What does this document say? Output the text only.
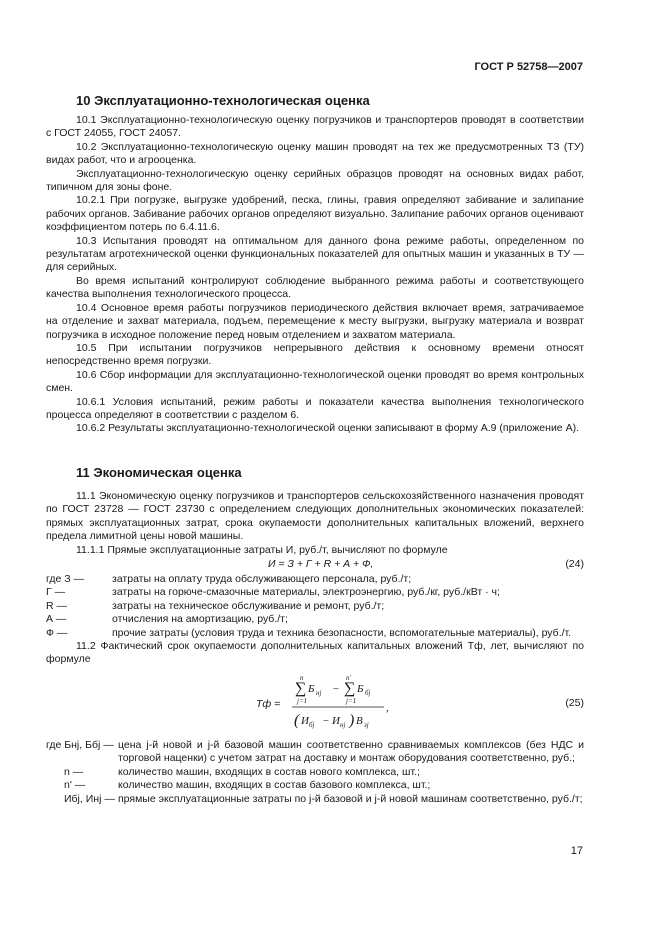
ГОСТ Р 52758—2007
10 Эксплуатационно-технологическая оценка

10.1 Эксплуатационно-технологическую оценку погрузчиков и транспортеров проводят в соответствии с ГОСТ 24055, ГОСТ 24057.

10.2 Эксплуатационно-технологическую оценку машин проводят на тех же предусмотренных ТЗ (ТУ) видах работ, что и агрооценка.

Эксплуатационно-технологическую оценку серийных образцов проводят на основных видах работ, типичном для зоны фоне.

10.2.1 При погрузке, выгрузке удобрений, песка, глины, гравия определяют забивание и залипание рабочих органов. Забивание рабочих органов определяют визуально. Залипание рабочих органов оценивают коэффициентом потерь по 6.4.11.6.

10.3 Испытания проводят на оптимальном для данного фона режиме работы, определенном по результатам агротехнической оценки функциональных показателей для опытных машин и указанных в ТУ — для серийных.

Во время испытаний контролируют соблюдение выбранного режима работы и соответствующего качества выполнения технологического процесса.

10.4 Основное время работы погрузчиков периодического действия включает время, затрачиваемое на отделение и захват материала, подъем, перемещение к месту выгрузки, выгрузку материала и возврат погрузчика в исходное положение перед новым отделением и захватом материала.

10.5 При испытании погрузчиков непрерывного действия к основному времени относят непосредственно время погрузки.

10.6 Сбор информации для эксплуатационно-технологической оценки проводят во время контрольных смен.

10.6.1 Условия испытаний, режим работы и показатели качества выполнения технологического процесса определяют в соответствии с разделом 6.

10.6.2 Результаты эксплуатационно-технологической оценки записывают в форму А.9 (приложение А).

11 Экономическая оценка

11.1 Экономическую оценку погрузчиков и транспортеров сельскохозяйственного назначения проводят по ГОСТ 23728 — ГОСТ 23730 с определением следующих дополнительных экономических показателей: прямых эксплуатационных затрат, срока окупаемости дополнительных капитальных вложений, верхнего предела лимитной цены новой машины.

11.1.1 Прямые эксплуатационные затраты И, руб./т, вычисляют по формуле

И = З + Г + R + А + Ф,	(24)

где З —	затраты на оплату труда обслуживающего персонала, руб./т;

Г —	затраты на горюче-смазочные материалы, электроэнергию, руб./кг, руб./кВт · ч;

R —	затраты на техническое обслуживание и ремонт, руб./т;

А —	отчисления на амортизацию, руб./т;

Ф —	прочие затраты (условия труда и техника безопасности, вспомогательные материалы), руб./т.

11.2 Фактический срок окупаемости дополнительных капитальных вложений Tф, лет, вычисляют по формуле

Tф =
n
∑ Б нj
j=1
−
n'
∑ Б бj
j=1
( И бj − И нj ) В зj
,	(25)

где Бнj, Ббj — цена j-й новой и j-й базовой машин соответственно сравниваемых комплексов (без НДС и торговой наценки) с учетом затрат на доставку и монтаж оборудования соответственно, руб.;

n —	количество машин, входящих в состав нового комплекса, шт.;

n' —	количество машин, входящих в состав базового комплекса, шт.;

Ибj, Инj — прямые эксплуатационные затраты по j-й базовой и j-й новой машинам соответственно, руб./т;

17
